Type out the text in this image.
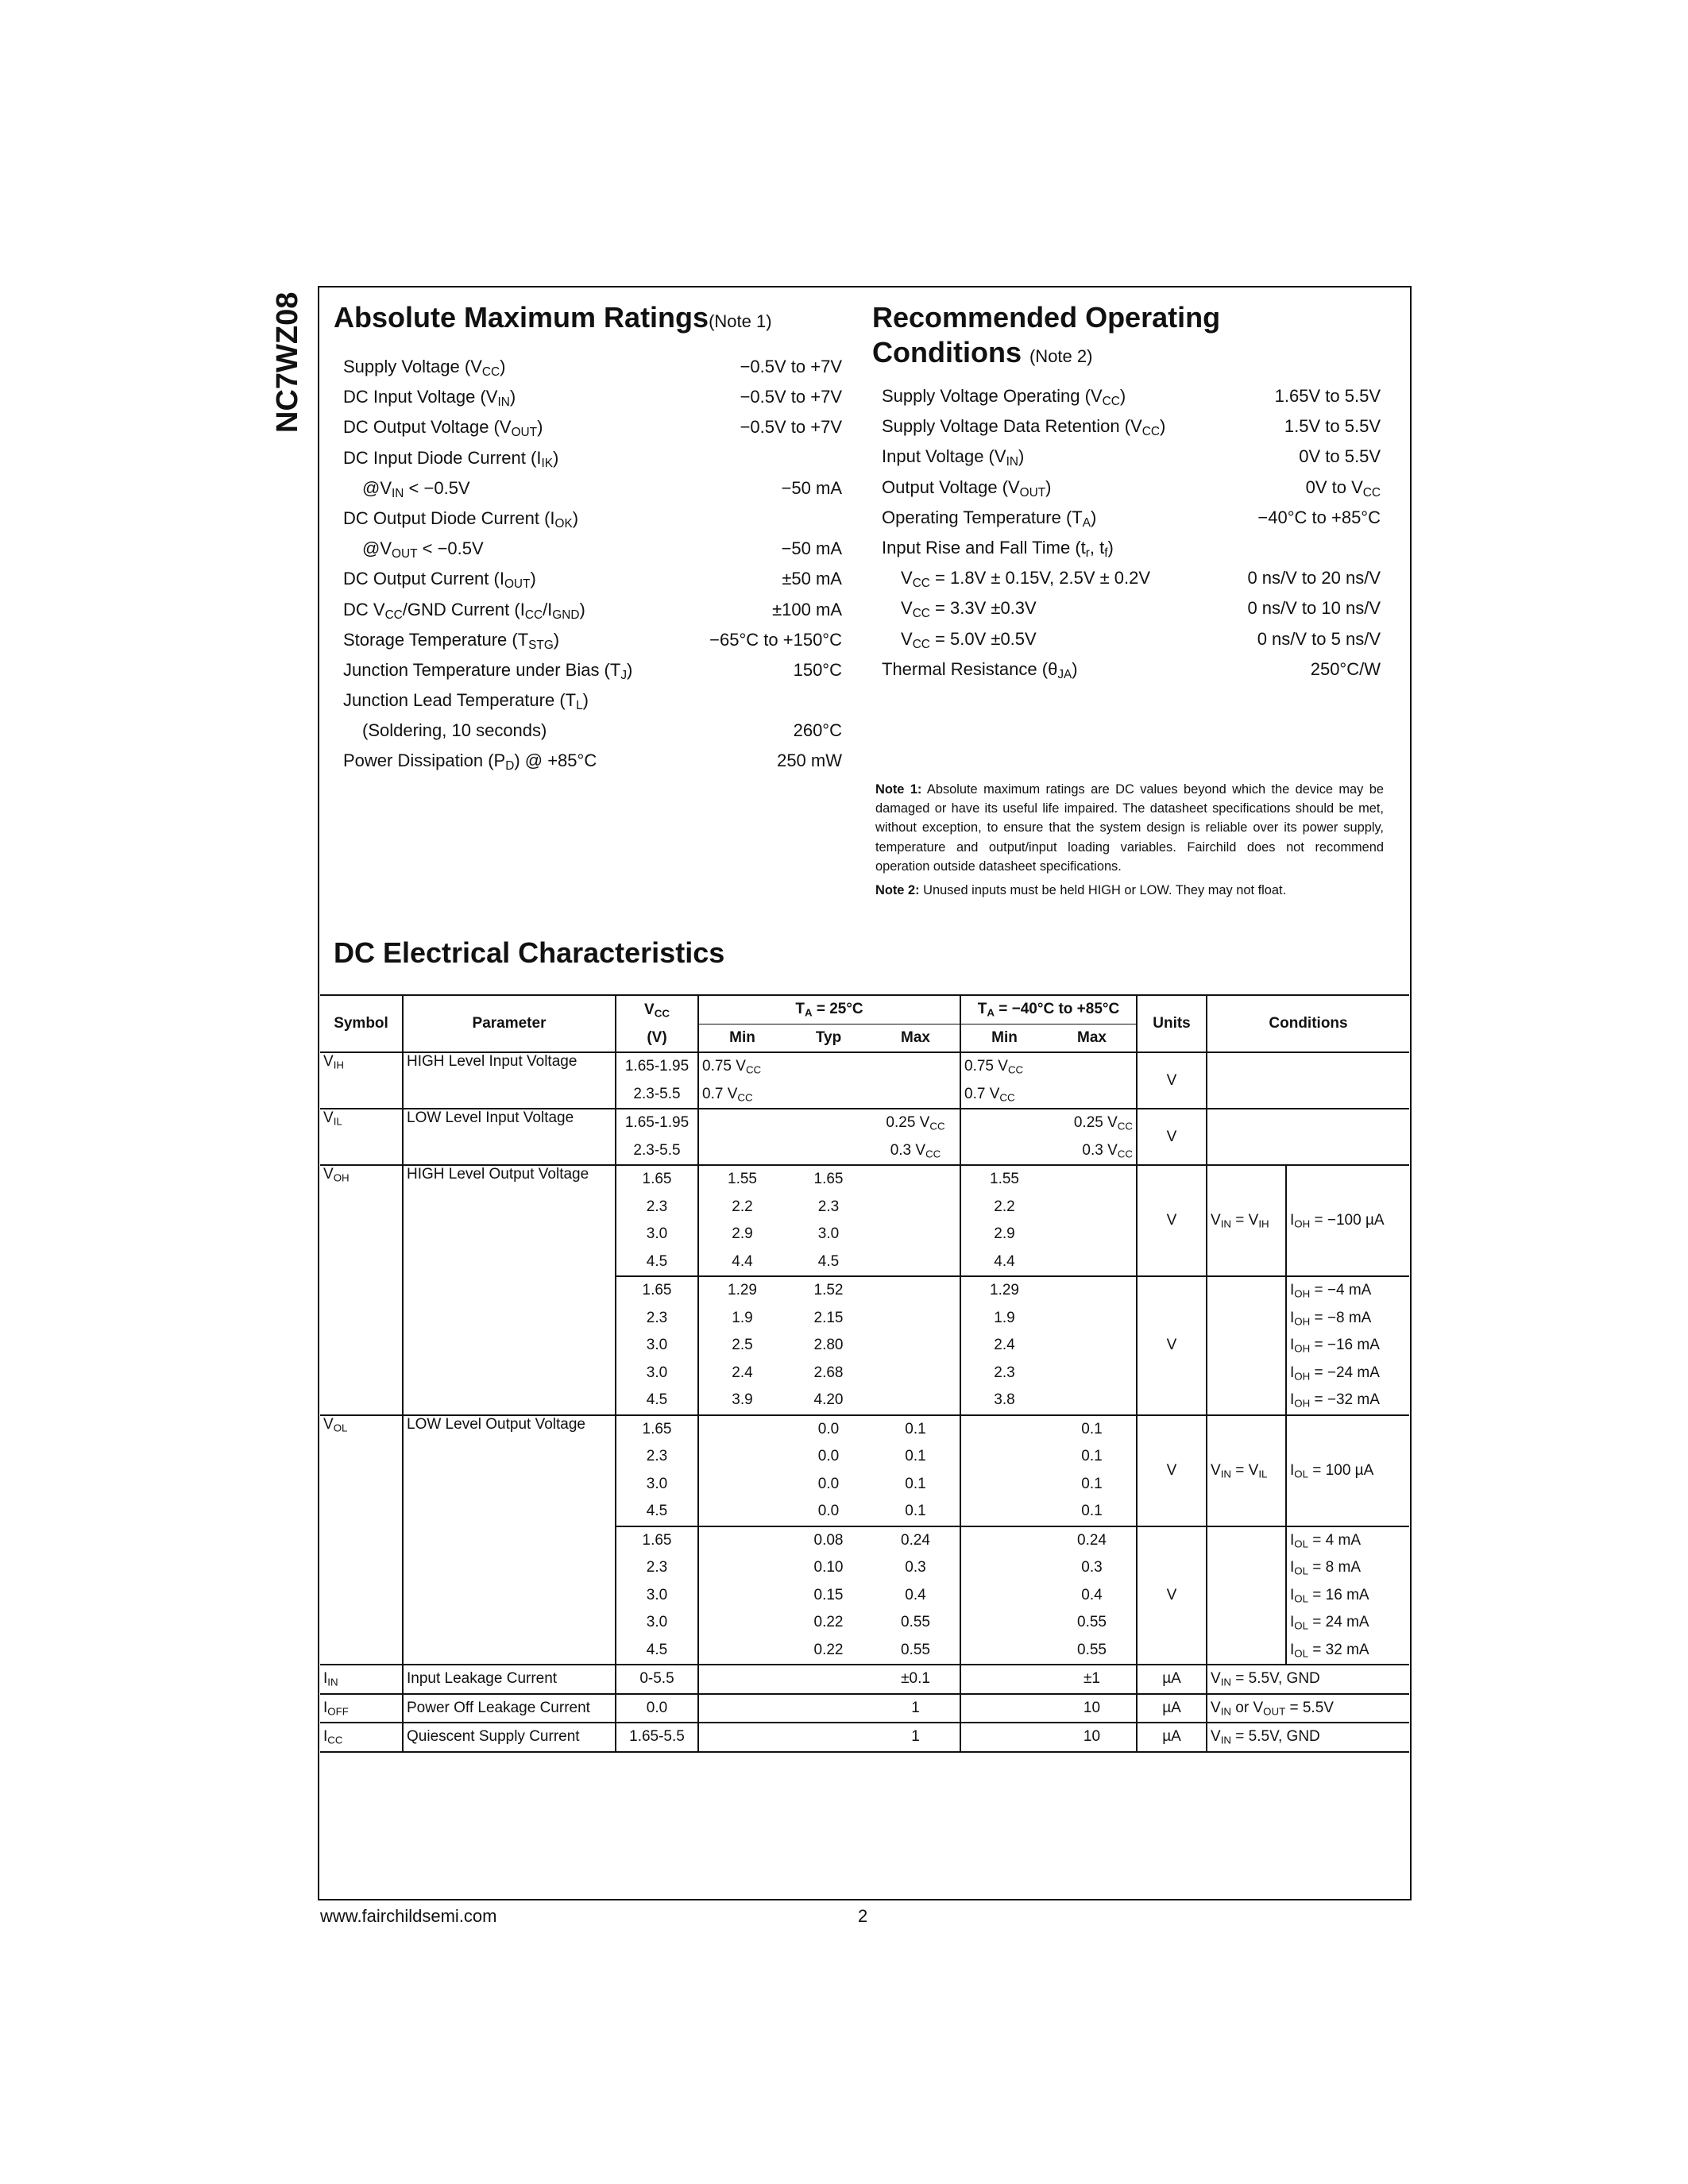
NC7WZ08 Absolute Maximum Ratings(Note 1)
Supply Voltage $(V_{CC})$	−0.5V to +7V
DC Input Voltage $(V_{IN})$	−0.5V to +7V
DC Output Voltage $(V_{OUT})$	−0.5V to +7V
DC Input Diode Current $(I_{IK})$
$@V_{IN} < -0.5V$	−50 mA
DC Output Diode Current $(I_{OK})$
$@V_{OUT} < -0.5V$	−50 mA
DC Output Current $(I_{OUT})$	±50 mA
DC $V_{CC}$/GND Current $(I_{CC}/I_{GND})$	±100 mA
Storage Temperature $(T_{STG})$	−65°C to +150°C
Junction Temperature under Bias $(T_J)$	150°C
Junction Lead Temperature $(T_L)$
(Soldering, 10 seconds)	260°C
Power Dissipation $(P_D)$ @ +85°C	250 mW
Recommended Operating
Conditions (Note 2)
Supply Voltage Operating $(V_{CC})$	1.65V to 5.5V
Supply Voltage Data Retention $(V_{CC})$	1.5V to 5.5V
Input Voltage $(V_{IN})$	0V to 5.5V
Output Voltage $(V_{OUT})$	0V to $V_{CC}$
Operating Temperature $(T_A)$	−40°C to +85°C
Input Rise and Fall Time ($t_r$, $t_f$)
$V_{CC} = 1.8V \pm 0.15V$, 2.5V ± 0.2V	0 ns/V to 20 ns/V
$V_{CC} = 3.3V \pm 0.3V$	0 ns/V to 10 ns/V
$V_{CC} = 5.0V \pm 0.5V$	0 ns/V to 5 ns/V
Thermal Resistance $(\theta_{JA})$	250°C/W

Note 1: Absolute maximum ratings are DC values beyond which the device may be damaged or have its useful life impaired. The datasheet specifications should be met, without exception, to ensure that the system design is reliable over its power supply, temperature and output/input loading variables. Fairchild does not recommend operation outside datasheet specifications.

Note 2: Unused inputs must be held HIGH or LOW. They may not float.

DC Electrical Characteristics
Symbol	Parameter	$V_{CC}$	$T_A = 25^\circ C$			$T_A = -40^\circ C$ to +85°C		Units	Conditions	
		(V)	Min	Typ	Max	Min	Max			
$V_{IH}$	HIGH Level Input Voltage	1.65-1.95	0.75 $V_{CC}$			0.75 $V_{CC}$		V		
		2.3-5.5	0.7 $V_{CC}$			0.7 $V_{CC}$	
$V_{IL}$	LOW Level Input Voltage	1.65-1.95			0.25 $V_{CC}$		0.25 $V_{CC}$	V		
		2.3-5.5			0.3 $V_{CC}$		0.3 $V_{CC}$
$V_{OH}$	HIGH Level Output Voltage	1.65	1.55	1.65		1.55		V	$V_{IN} = V_{IH}$	$I_{OH} = -100$ µA
		2.3	2.2	2.3		2.2				
		3.0	2.9	3.0		2.9				
		4.5	4.4	4.5		4.4				
		1.65	1.29	1.52		1.29		V		$I_{OH} = -4$ mA
		2.3	1.9	2.15		1.9				$I_{OH} = -8$ mA
		3.0	2.5	2.80		2.4				$I_{OH} = -16$ mA
		3.0	2.4	2.68		2.3				$I_{OH} = -24$ mA
		4.5	3.9	4.20		3.8				$I_{OH} = -32$ mA
$V_{OL}$	LOW Level Output Voltage	1.65		0.0	0.1		0.1	V	$V_{IN} = V_{IL}$	$I_{OL} = 100$ µA
		2.3		0.0	0.1		0.1			
		3.0		0.0	0.1		0.1			
		4.5		0.0	0.1		0.1			
		1.65		0.08	0.24		0.24	V		$I_{OL} = 4$ mA
		2.3		0.10	0.3		0.3			$I_{OL} = 8$ mA
		3.0		0.15	0.4		0.4			$I_{OL} = 16$ mA
		3.0		0.22	0.55		0.55			$I_{OL} = 24$ mA
		4.5		0.22	0.55		0.55			$I_{OL} = 32$ mA
$I_{IN}$	Input Leakage Current	0-5.5			±0.1		±1	µA	$V_{IN} = 5.5V$, GND	
$I_{OFF}$	Power Off Leakage Current	0.0			1		10	µA	$V_{IN}$ or $V_{OUT} = 5.5V$	
$I_{CC}$	Quiescent Supply Current	1.65-5.5			1		10	µA	$V_{IN} = 5.5V$, GND	
www.fairchildsemi.com	2
